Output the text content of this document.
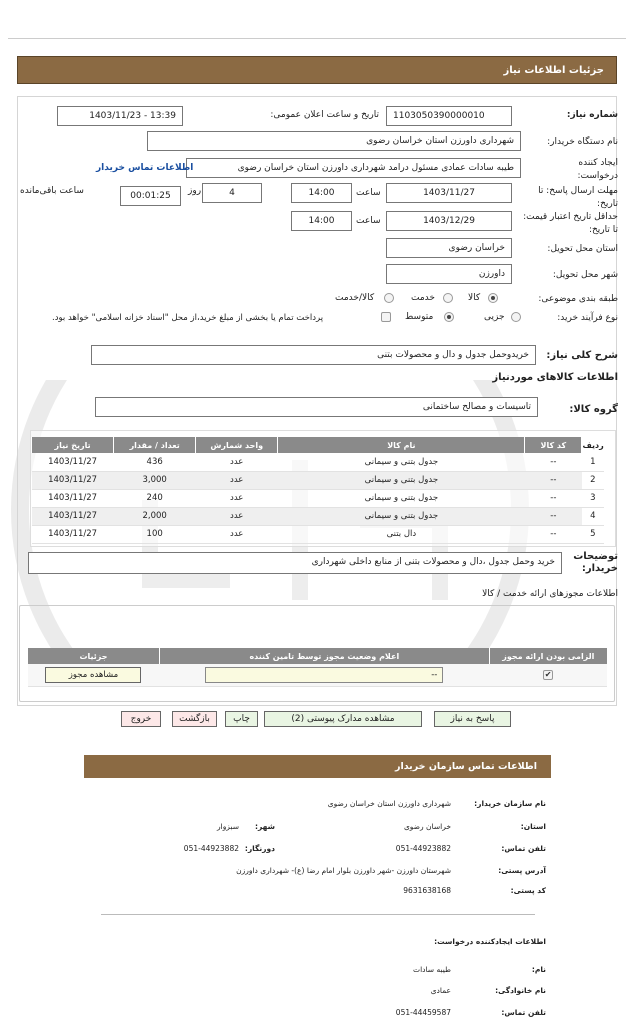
جزئیات اطلاعات نیاز
شماره نیاز:
1103050390000010
تاریخ و ساعت اعلان عمومی:
1403/11/23 - 13:39
نام دستگاه خریدار:
شهرداری داورزن استان خراسان رضوی
ایجاد کننده درخواست:
طیبه سادات عمادی مسئول درامد شهرداری داورزن استان خراسان رضوی
اطلاعات تماس خریدار
مهلت ارسال پاسخ: تا تاریخ:
1403/11/27
ساعت
14:00
4
روز
00:01:25
ساعت باقی‌مانده
حداقل تاریخ اعتبار قیمت: تا تاریخ:
1403/12/29
ساعت
14:00
استان محل تحویل:
خراسان رضوی
شهر محل تحویل:
داورزن
طبقه بندی موضوعی:
کالا
خدمت
کالا/خدمت
نوع فرآیند خرید:
جزیی
متوسط
پرداخت تمام یا بخشی از مبلغ خرید،از محل "اسناد خزانه اسلامی" خواهد بود.
شرح کلی نیاز:
خریدوحمل جدول و دال و محصولات بتنی
اطلاعات کالاهای موردنیاز
گروه کالا:
تاسیسات و مصالح ساختمانی
ردیف	کد کالا	نام کالا	واحد شمارش	تعداد / مقدار	تاریخ نیاز
1	--	جدول بتنی و سیمانی	عدد	436	1403/11/27
2	--	جدول بتنی و سیمانی	عدد	3,000	1403/11/27
3	--	جدول بتنی و سیمانی	عدد	240	1403/11/27
4	--	جدول بتنی و سیمانی	عدد	2,000	1403/11/27
5	--	دال بتنی	عدد	100	1403/11/27
توضیحات خریدار:
خرید وحمل جدول ،دال و محصولات بتنی از منابع داخلی شهرداری
اطلاعات مجوزهای ارائه خدمت / کالا
الزامی بودن ارائه مجوز	اعلام وضعیت مجوز توسط تامین کننده	جزئیات
✔	--	مشاهده مجوز
پاسخ به نیاز
مشاهده مدارک پیوستی (2)
چاپ
بازگشت
خروج
اطلاعات تماس سازمان خریدار
نام سازمان خریدار:
شهرداری داورزن استان خراسان رضوی
استان:
خراسان رضوی
شهر:
سبزوار
تلفن تماس:
051-44923882
دورنگار:
051-44923882
آدرس پستی:
شهرستان داورزن -شهر داورزن بلوار امام رضا (ع)- شهرداری داورزن
کد پستی:
9631638168
اطلاعات ایجادکننده درخواست:
نام:
طیبه سادات
نام خانوادگی:
عمادی
تلفن تماس:
051-44459587
